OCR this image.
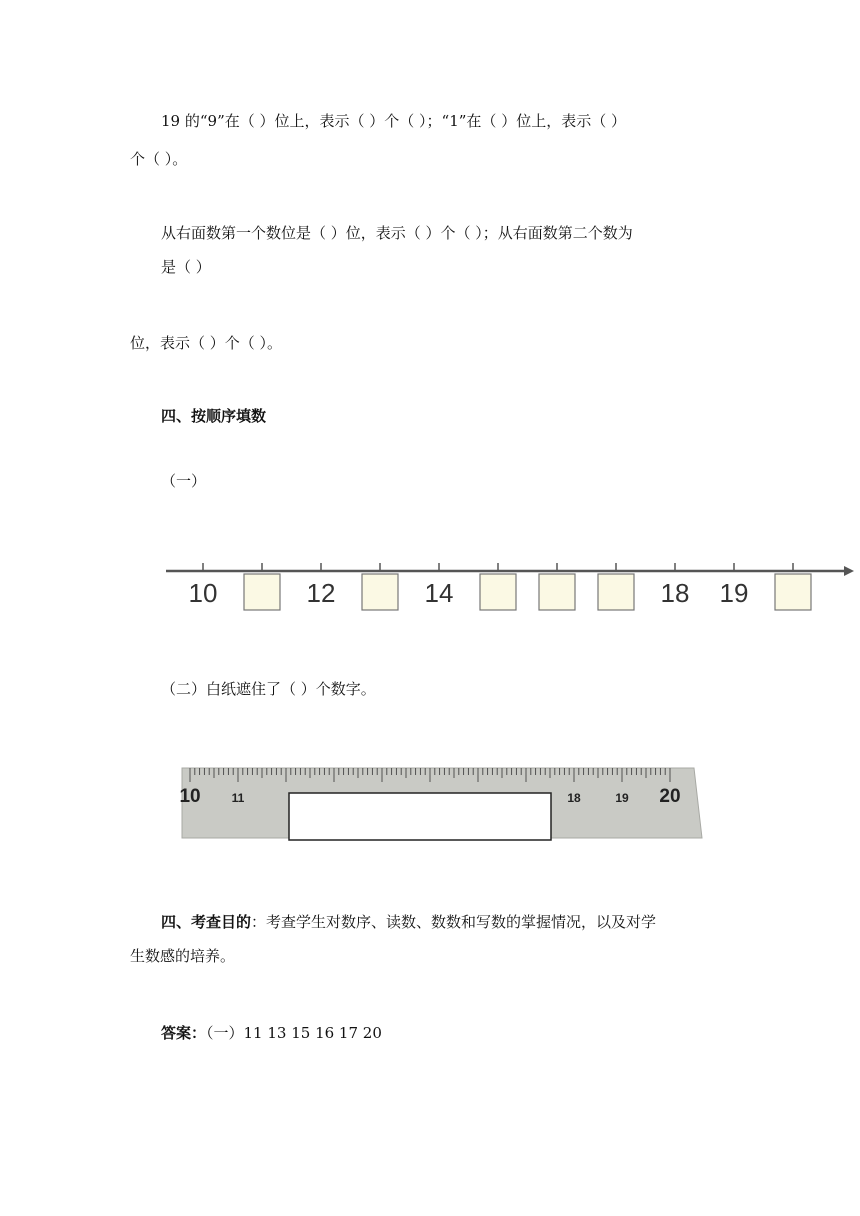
19 的“9”在（ ）位上，表示（ ）个（ ）；“1”在（ ）位上，表示（ ）
个（ ）。
从右面数第一个数位是（ ）位，表示（ ）个（ ）；从右面数第二个数为
是（ ）
位，表示（ ）个（ ）。
四、按顺序填数
（一）
10	12	14	18 19
（二）白纸遮住了（ ）个数字。
10	11	18	19 20
四、考查目的：考查学生对数序、读数、数数和写数的掌握情况，以及对学
生数感的培养。
答案：（一）11 13 15 16 17 20
